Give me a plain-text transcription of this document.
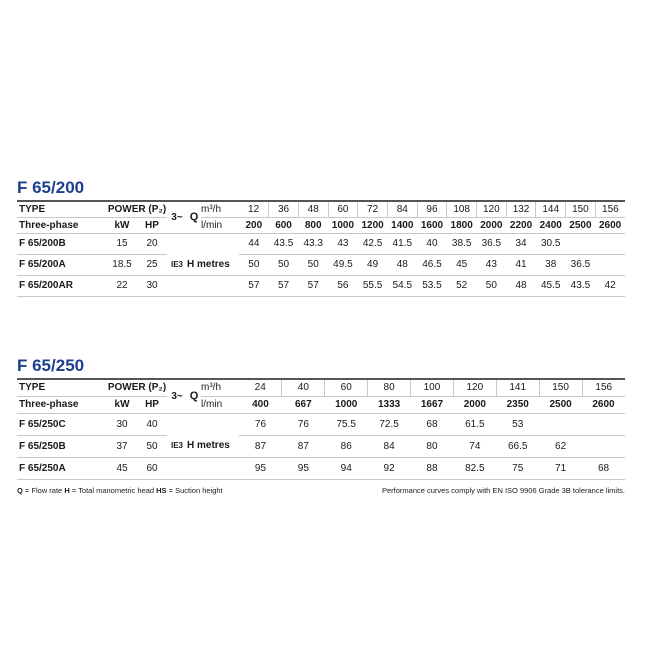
F 65/200
TYPE	POWER (P₂)		3~	Q	m³/h	12	36	48	60	72	84	96	108	120	132	144	150	156
Three-phase	kW	HP			l/min	200	600	800	1000	1200	1400	1600	1800	2000	2200	2400	2500	2600
F 65/200B	15	20				44	43.5	43.3	43	42.5	41.5	40	38.5	36.5	34	30.5		
F 65/200A	18.5	25	IE3	H metres		50	50	50	49.5	49	48	46.5	45	43	41	38	36.5	
F 65/200AR	22	30				57	57	57	56	55.5	54.5	53.5	52	50	48	45.5	43.5	42
F 65/250
TYPE	POWER (P₂)		3~	Q	m³/h	24	40	60	80	100	120	141	150	156
Three-phase	kW	HP			l/min	400	667	1000	1333	1667	2000	2350	2500	2600
F 65/250C	30	40				76	76	75.5	72.5	68	61.5	53		
F 65/250B	37	50	IE3	H metres		87	87	86	84	80	74	66.5	62	
F 65/250A	45	60				95	95	94	92	88	82.5	75	71	68
Q = Flow rate H = Total manometric head HS = Suction height	Performance curves comply with EN ISO 9906 Grade 3B tolerance limits.
